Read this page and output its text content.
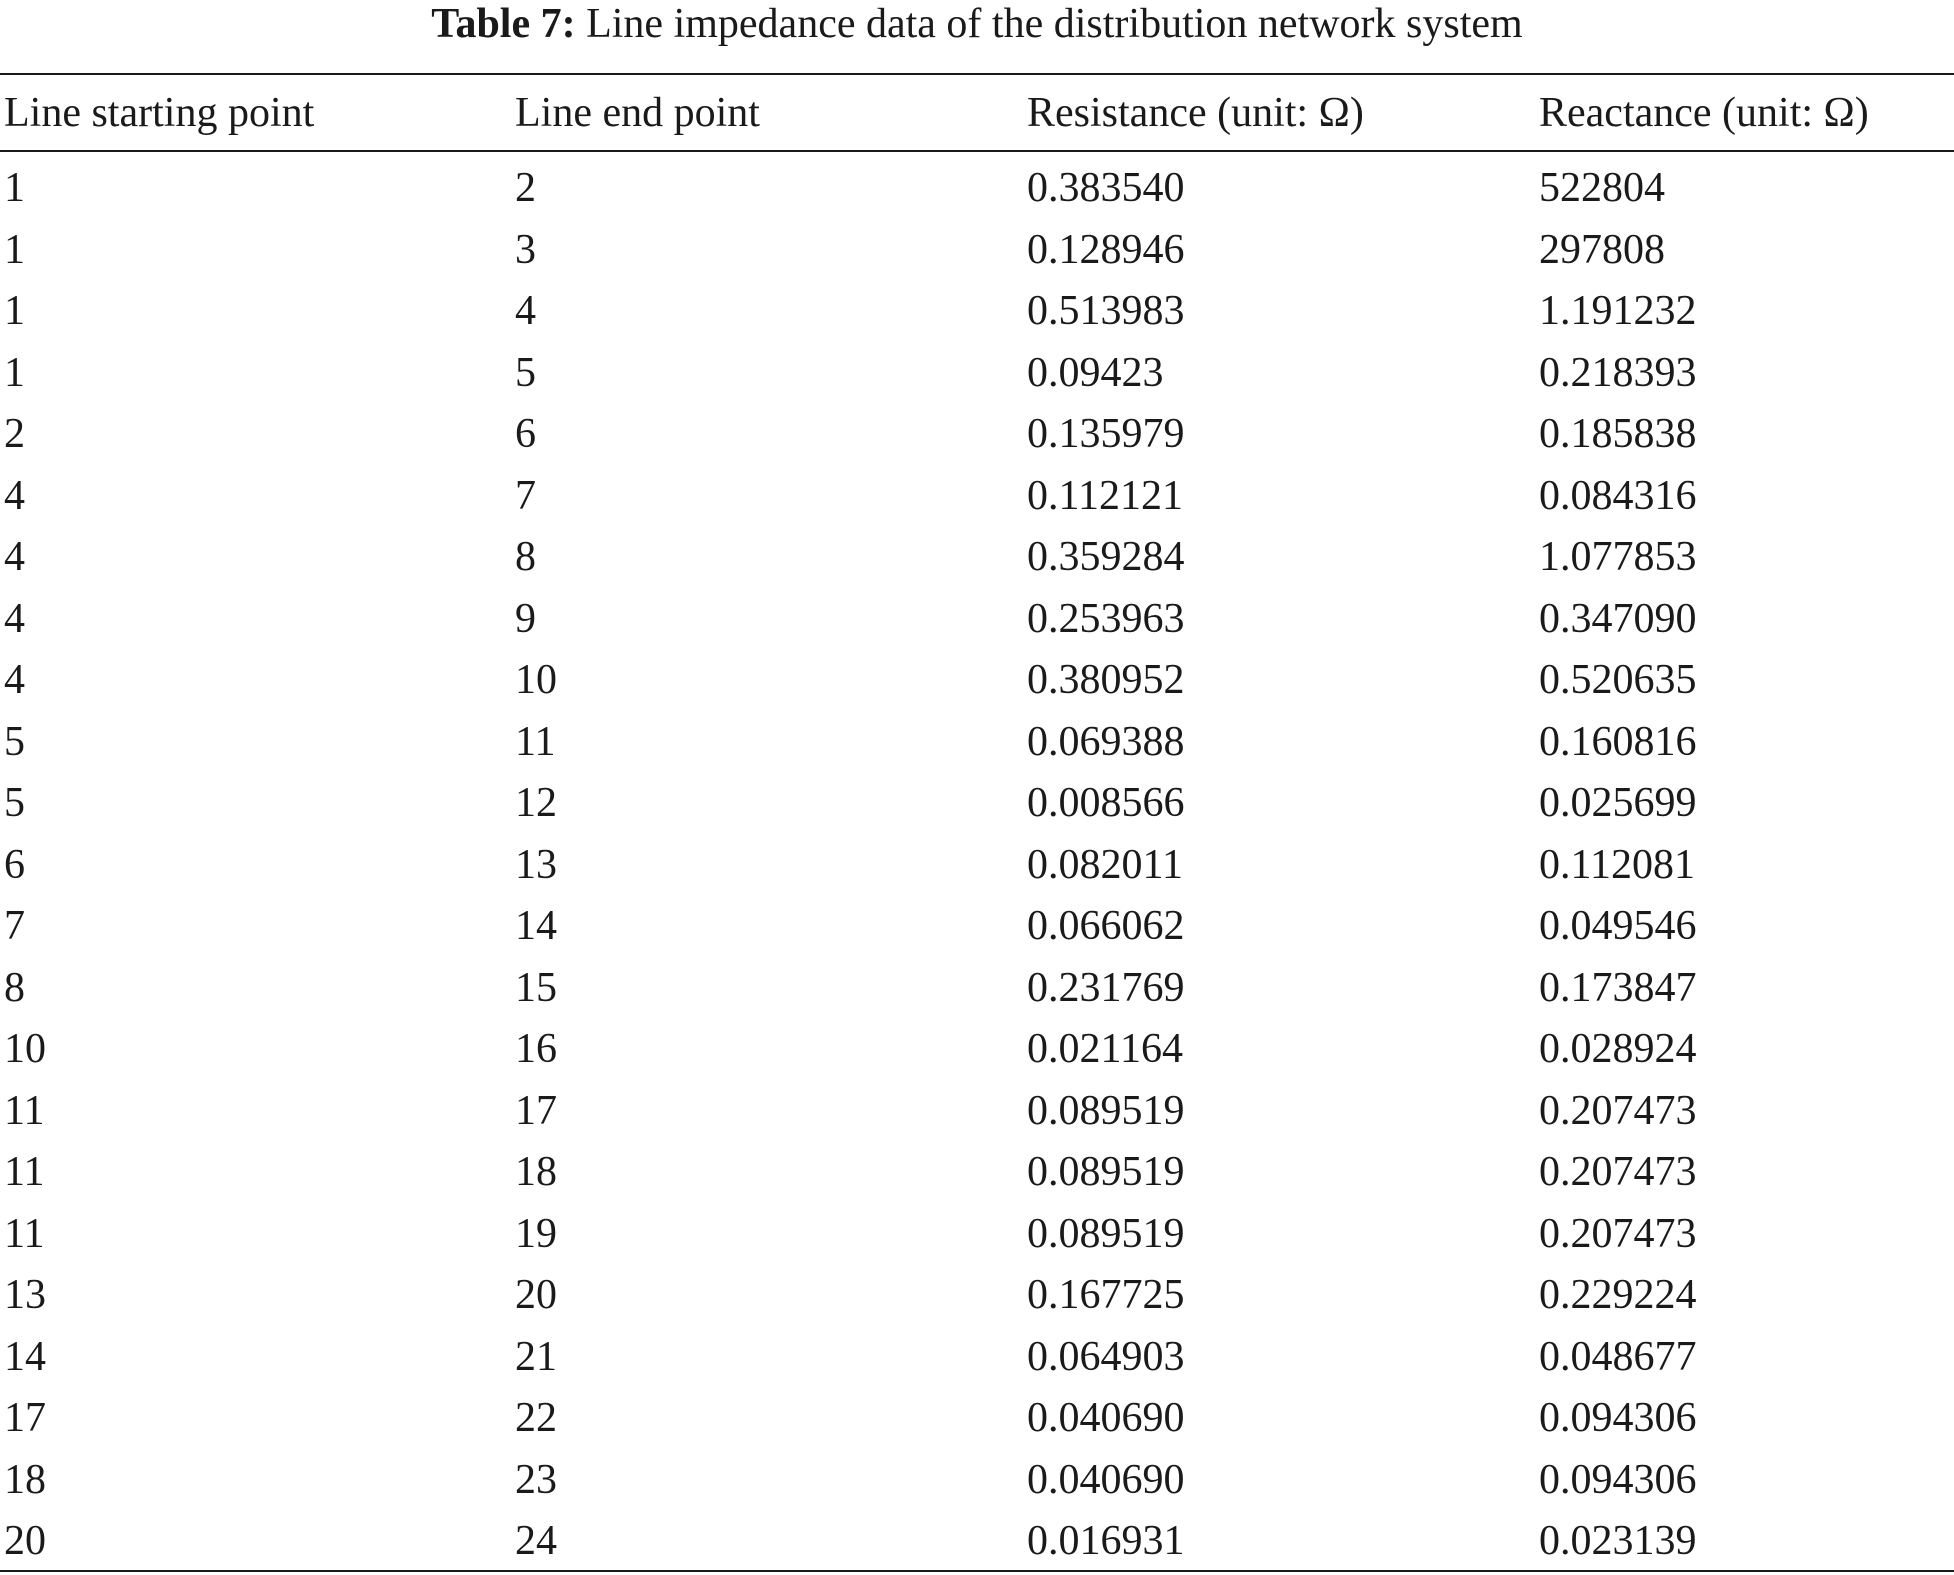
Table 7: Line impedance data of the distribution network system
Line starting point	Line end point	Resistance (unit: Ω)	Reactance (unit: Ω)
1	2	0.383540	522804
1	3	0.128946	297808
1	4	0.513983	1.191232
1	5	0.09423	0.218393
2	6	0.135979	0.185838
4	7	0.112121	0.084316
4	8	0.359284	1.077853
4	9	0.253963	0.347090
4	10	0.380952	0.520635
5	11	0.069388	0.160816
5	12	0.008566	0.025699
6	13	0.082011	0.112081
7	14	0.066062	0.049546
8	15	0.231769	0.173847
10	16	0.021164	0.028924
11	17	0.089519	0.207473
11	18	0.089519	0.207473
11	19	0.089519	0.207473
13	20	0.167725	0.229224
14	21	0.064903	0.048677
17	22	0.040690	0.094306
18	23	0.040690	0.094306
20	24	0.016931	0.023139
